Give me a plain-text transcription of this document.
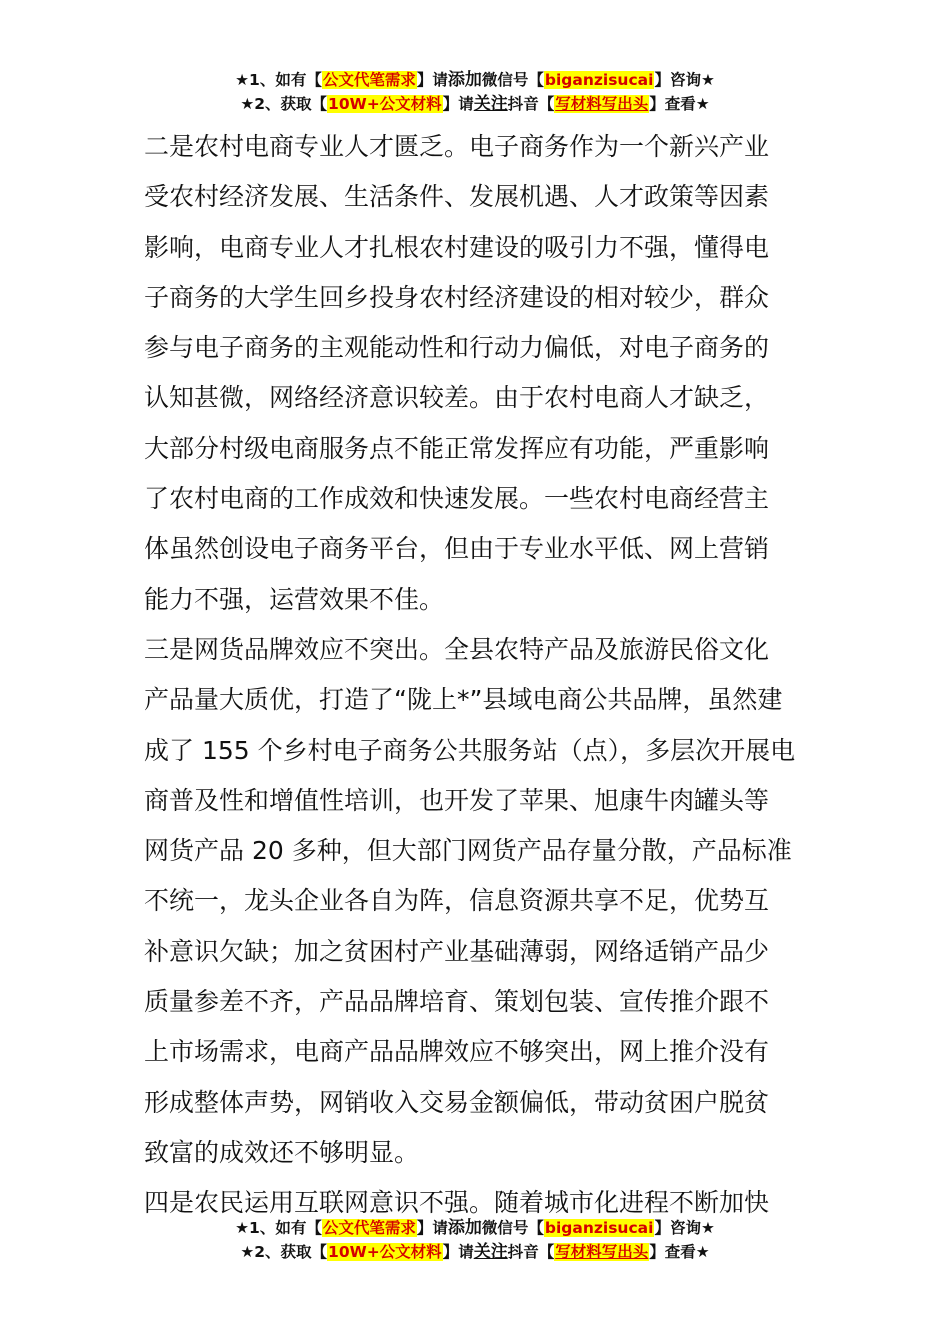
★1、如有【公文代笔需求】请添加微信号【biganzisucai】咨询★
★2、获取【10W+公文材料】请关注抖音【写材料写出头】查看★

二是农村电商专业人才匮乏。电子商务作为一个新兴产业
受农村经济发展、生活条件、发展机遇、人才政策等因素
影响，电商专业人才扎根农村建设的吸引力不强，懂得电
子商务的大学生回乡投身农村经济建设的相对较少，群众
参与电子商务的主观能动性和行动力偏低，对电子商务的
认知甚微，网络经济意识较差。由于农村电商人才缺乏，
大部分村级电商服务点不能正常发挥应有功能，严重影响
了农村电商的工作成效和快速发展。一些农村电商经营主
体虽然创设电子商务平台，但由于专业水平低、网上营销
能力不强，运营效果不佳。

三是网货品牌效应不突出。全县农特产品及旅游民俗文化
产品量大质优，打造了“陇上*”县域电商公共品牌，虽然建
成了 155 个乡村电子商务公共服务站（点），多层次开展电
商普及性和增值性培训，也开发了苹果、旭康牛肉罐头等
网货产品 20 多种，但大部门网货产品存量分散，产品标准
不统一，龙头企业各自为阵，信息资源共享不足，优势互
补意识欠缺；加之贫困村产业基础薄弱，网络适销产品少
质量参差不齐，产品品牌培育、策划包装、宣传推介跟不
上市场需求，电商产品品牌效应不够突出，网上推介没有
形成整体声势，网销收入交易金额偏低，带动贫困户脱贫
致富的成效还不够明显。

四是农民运用互联网意识不强。随着城市化进程不断加快

★1、如有【公文代笔需求】请添加微信号【biganzisucai】咨询★
★2、获取【10W+公文材料】请关注抖音【写材料写出头】查看★
